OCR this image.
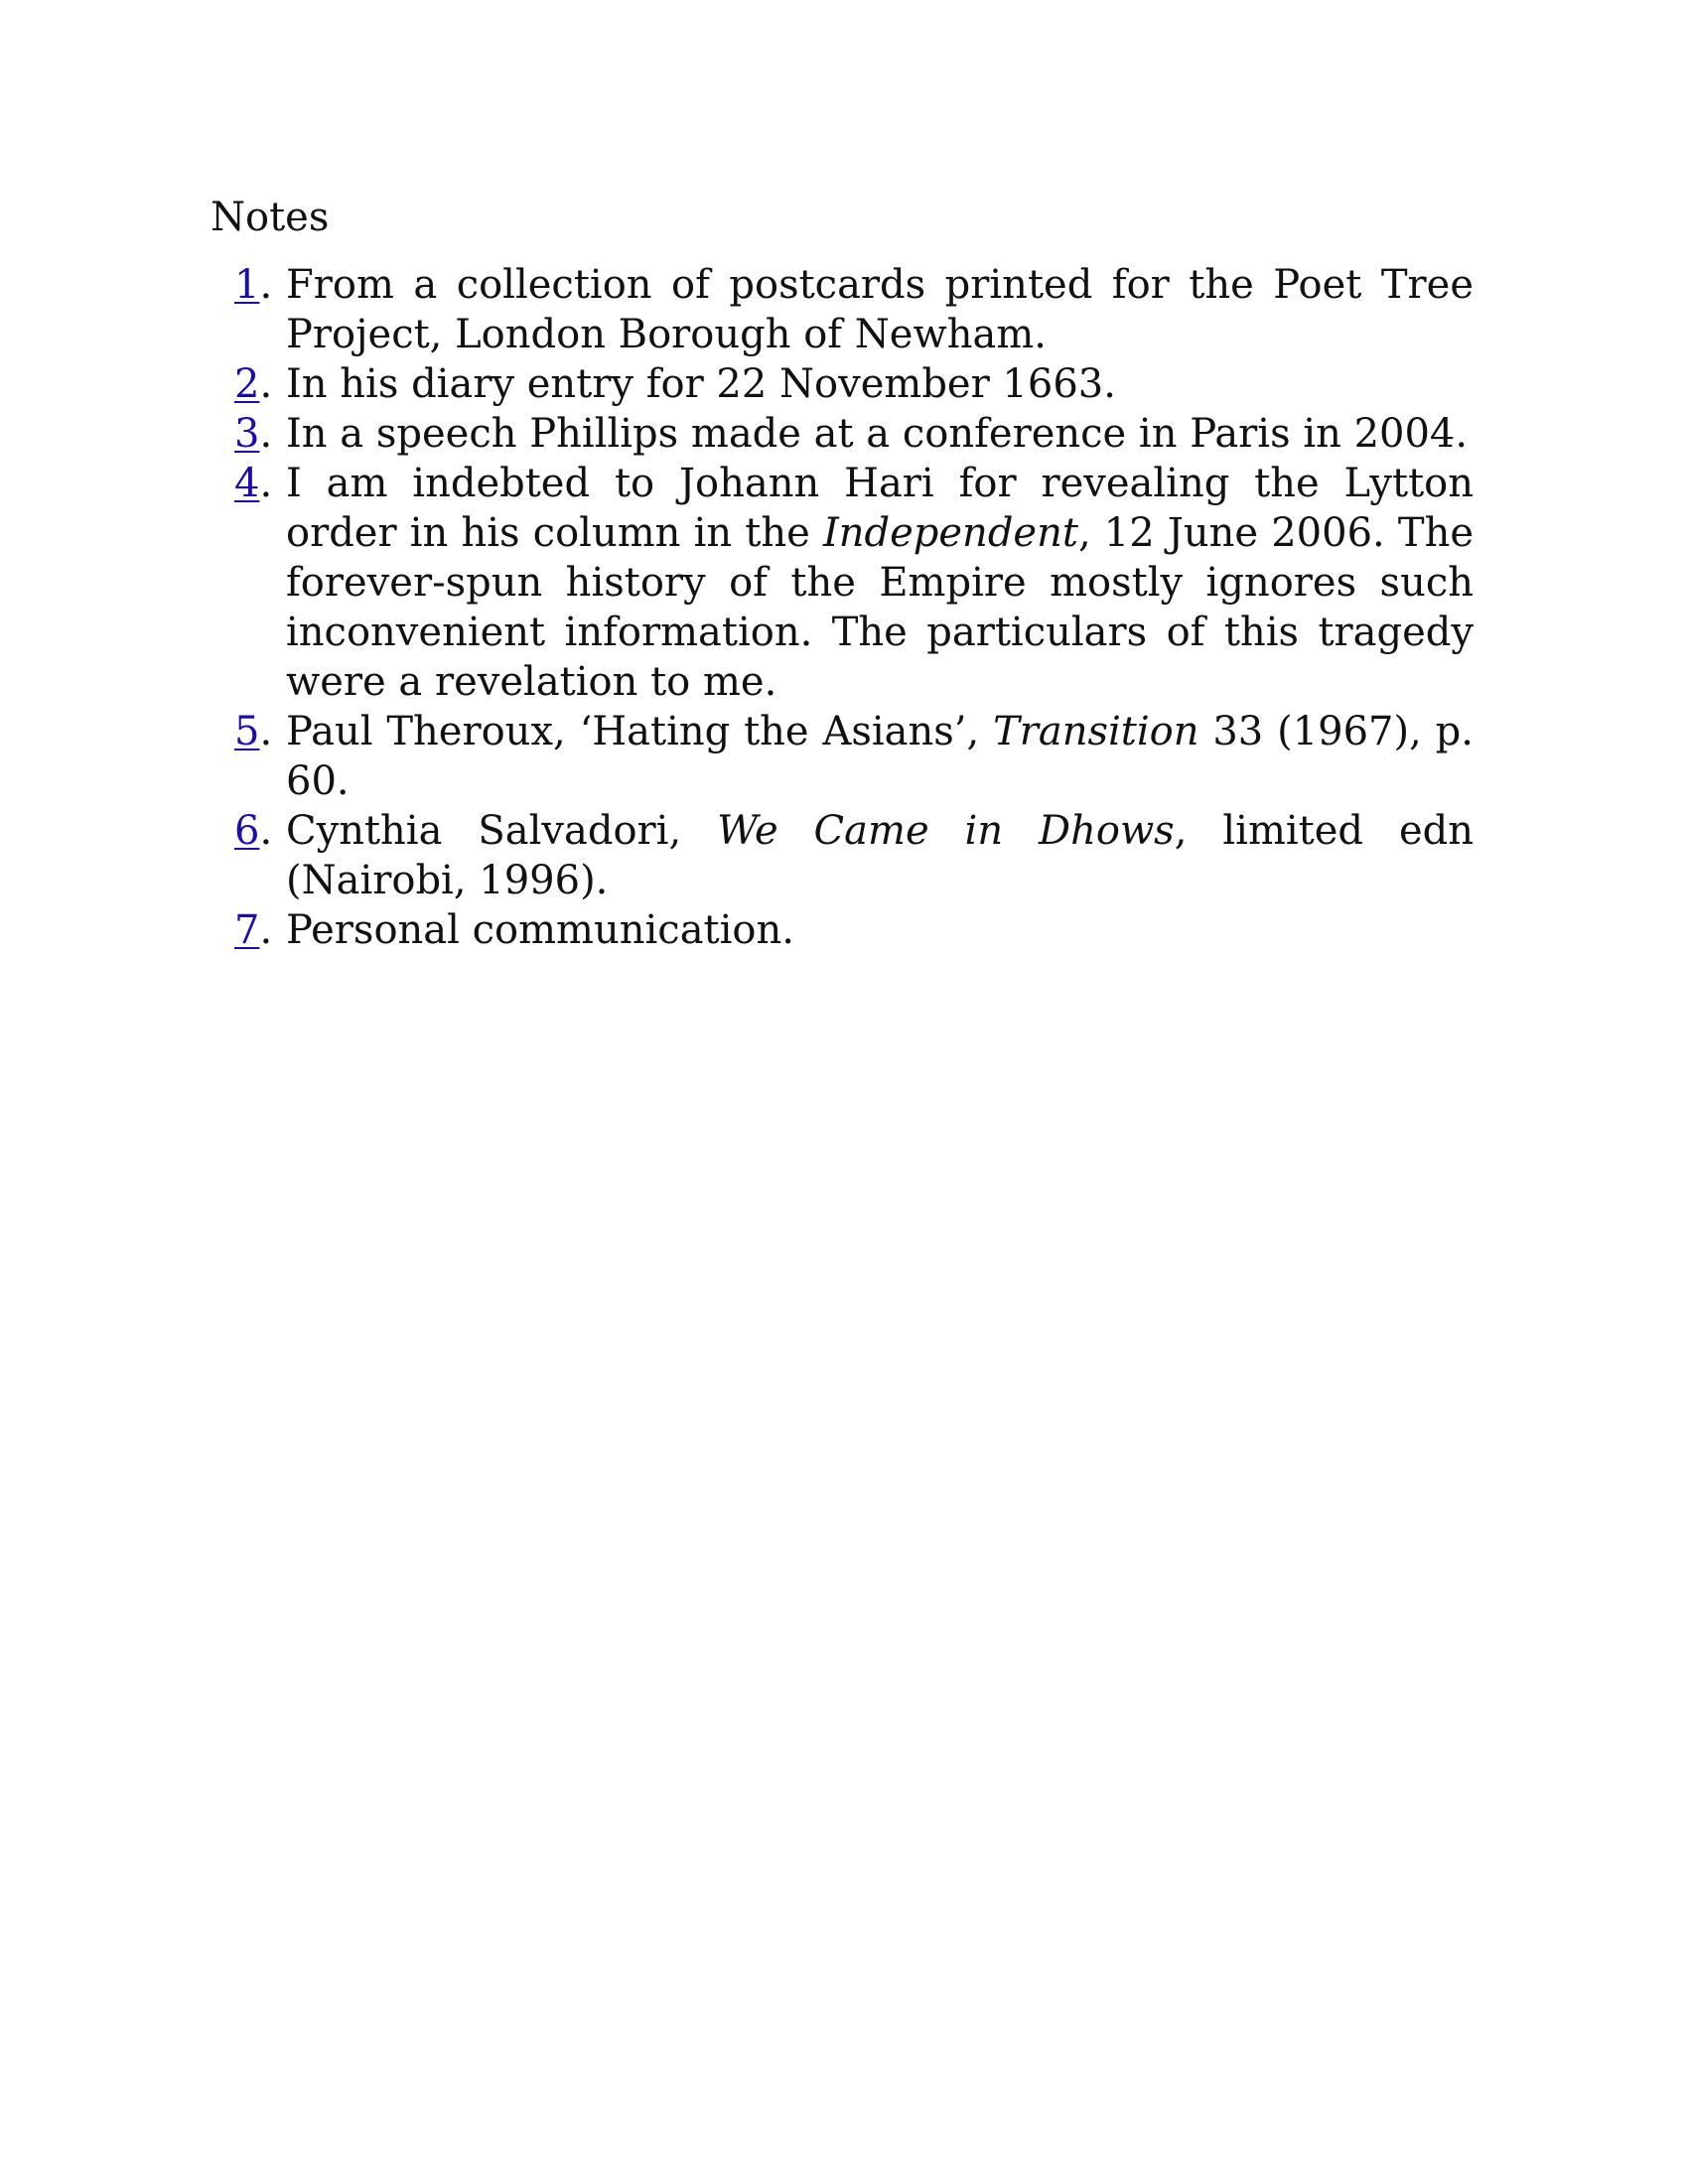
Notes
1. From a collection of postcards printed for the Poet Tree Project, London Borough of Newham.
2. In his diary entry for 22 November 1663.
3. In a speech Phillips made at a conference in Paris in 2004.
4. I am indebted to Johann Hari for revealing the Lytton order in his column in the Independent, 12 June 2006. The forever-spun history of the Empire mostly ignores such inconvenient information. The particulars of this tragedy were a revelation to me.
5. Paul Theroux, ‘Hating the Asians’, Transition 33 (1967), p. 60.
6. Cynthia Salvadori, We Came in Dhows, limited edn (Nairobi, 1996).
7. Personal communication.
